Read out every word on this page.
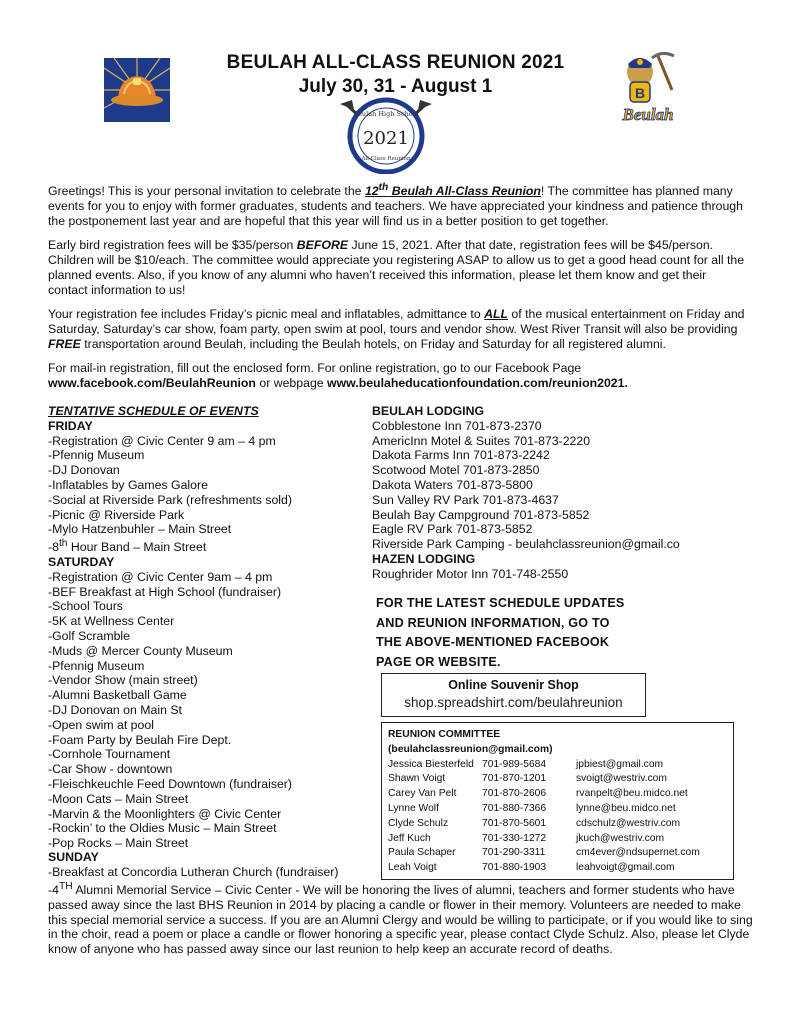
BEULAH ALL-CLASS REUNION 2021
July 30, 31 - August 1
Beulah High School
2021
All-Class Reunion
B
Beulah

Greetings! This is your personal invitation to celebrate the 12th Beulah All-Class Reunion! The committee has planned many events for you to enjoy with former graduates, students and teachers. We have appreciated your kindness and patience through the postponement last year and are hopeful that this year will find us in a better position to get together.

Early bird registration fees will be $35/person BEFORE June 15, 2021. After that date, registration fees will be $45/person. Children will be $10/each. The committee would appreciate you registering ASAP to allow us to get a good head count for all the planned events. Also, if you know of any alumni who haven’t received this information, please let them know and get their contact information to us!

Your registration fee includes Friday’s picnic meal and inflatables, admittance to ALL of the musical entertainment on Friday and Saturday, Saturday’s car show, foam party, open swim at pool, tours and vendor show. West River Transit will also be providing FREE transportation around Beulah, including the Beulah hotels, on Friday and Saturday for all registered alumni.

For mail-in registration, fill out the enclosed form. For online registration, go to our Facebook Page www.facebook.com/BeulahReunion or webpage www.beulaheducationfoundation.com/reunion2021.

TENTATIVE SCHEDULE OF EVENTS
FRIDAY
-Registration @ Civic Center 9 am – 4 pm
-Pfennig Museum
-DJ Donovan
-Inflatables by Games Galore
-Social at Riverside Park (refreshments sold)
-Picnic @ Riverside Park
-Mylo Hatzenbuhler – Main Street
-8th Hour Band – Main Street
SATURDAY
-Registration @ Civic Center 9am – 4 pm
-BEF Breakfast at High School (fundraiser)
-School Tours
-5K at Wellness Center
-Golf Scramble
-Muds @ Mercer County Museum
-Pfennig Museum
-Vendor Show (main street)
-Alumni Basketball Game
-DJ Donovan on Main St
-Open swim at pool
-Foam Party by Beulah Fire Dept.
-Cornhole Tournament
-Car Show - downtown
-Fleischkeuchle Feed Downtown (fundraiser)
-Moon Cats – Main Street
-Marvin & the Moonlighters @ Civic Center
-Rockin’ to the Oldies Music – Main Street
-Pop Rocks – Main Street
BEULAH LODGING
Cobblestone Inn 701-873-2370
AmericInn Motel & Suites 701-873-2220
Dakota Farms Inn 701-873-2242
Scotwood Motel 701-873-2850
Dakota Waters 701-873-5800
Sun Valley RV Park 701-873-4637
Beulah Bay Campground 701-873-5852
Eagle RV Park 701-873-5852
Riverside Park Camping - beulahclassreunion@gmail.co
HAZEN LODGING
Roughrider Motor Inn 701-748-2550
FOR THE LATEST SCHEDULE UPDATES
AND REUNION INFORMATION, GO TO
THE ABOVE-MENTIONED FACEBOOK
PAGE OR WEBSITE.
Online Souvenir Shop
shop.spreadshirt.com/beulahreunion
REUNION COMMITTEE
(beulahclassreunion@gmail.com)
Jessica Biesterfeld	701-989-5684	jpbiest@gmail.com
Shawn Voigt	701-870-1201	svoigt@westriv.com
Carey Van Pelt	701-870-2606	rvanpelt@beu.midco.net
Lynne Wolf	701-880-7366	lynne@beu.midco.net
Clyde Schulz	701-870-5601	cdschulz@westriv.com
Jeff Kuch	701-330-1272	jkuch@westriv.com
Paula Schaper	701-290-3311	cm4ever@ndsupernet.com
Leah Voigt	701-880-1903	leahvoigt@gmail.com
SUNDAY
-Breakfast at Concordia Lutheran Church (fundraiser)
-4TH Alumni Memorial Service – Civic Center - We will be honoring the lives of alumni, teachers and former students who have passed away since the last BHS Reunion in 2014 by placing a candle or flower in their memory. Volunteers are needed to make this special memorial service a success. If you are an Alumni Clergy and would be willing to participate, or if you would like to sing in the choir, read a poem or place a candle or flower honoring a specific year, please contact Clyde Schulz. Also, please let Clyde know of anyone who has passed away since our last reunion to help keep an accurate record of deaths.
